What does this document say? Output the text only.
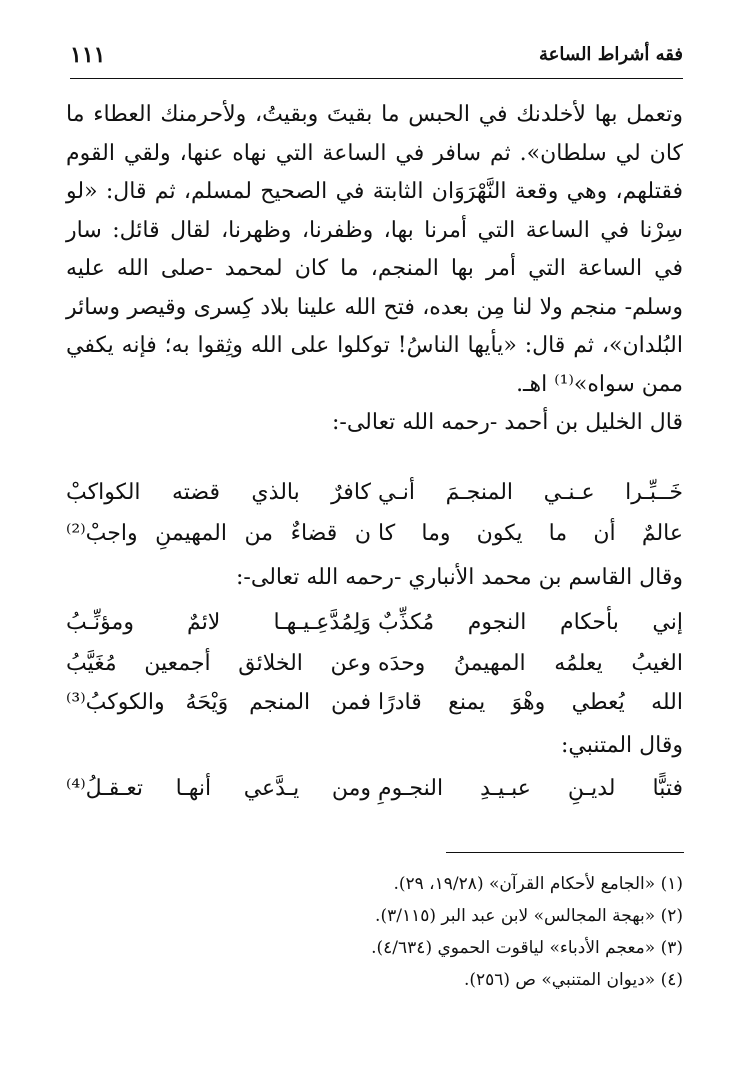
١١١	فقه أشراط الساعة

وتعمل بها لأخلدنك في الحبس ما بقيتَ وبقيتُ، ولأحرمنك العطاء ما كان لي سلطان». ثم سافر في الساعة التي نهاه عنها، ولقي القوم فقتلهم، وهي وقعة النَّهْرَوَان الثابتة في الصحيح لمسلم، ثم قال: «لو سِرْنا في الساعة التي أمرنا بها، وظفرنا، وظهرنا، لقال قائل: سار في الساعة التي أمر بها المنجم، ما كان لمحمد -صلى الله عليه وسلم- منجم ولا لنا مِن بعده، فتح الله علينا بلاد كِسرى وقيصر وسائر البُلدان»، ثم قال: «يأيها الناسُ! توكلوا على الله وثِقوا به؛ فإنه يكفي ممن سواه»⁽¹⁾ اهـ.

قال الخليل بن أحمد -رحمه الله تعالى-:
خَــبِّـرا عـنـي المنجـمَ أنـي
كافرٌ بالذي قضته الكواكبْ
عالمٌ أن ما يكون وما كا
ن قضاءٌ من المهيمنِ واجبْ⁽²⁾
وقال القاسم بن محمد الأنباري -رحمه الله تعالى-:
إني بأحكام النجوم مُكذِّبٌ
وَلِمُدَّعِـيـهـا لائمٌ ومؤنِّـبُ
الغيبُ يعلمُه المهيمنُ وحدَه
وعن الخلائق أجمعين مُغَيَّبُ
الله يُعطي وهْوَ يمنع قادرًا
فمن المنجم وَيْحَهُ والكوكبُ⁽³⁾
وقال المتنبي:
فتبًّا لديـنِ عبـيـدِ النجـومِ
ومن يـدَّعي أنهـا تعـقـلُ⁽⁴⁾
(١) «الجامع لأحكام القرآن» (١٩/٢٨، ٢٩).
(٢) «بهجة المجالس» لابن عبد البر (٣/١١٥).
(٣) «معجم الأدباء» لياقوت الحموي (٤/٦٣٤).
(٤) «ديوان المتنبي» ص (٢٥٦).
